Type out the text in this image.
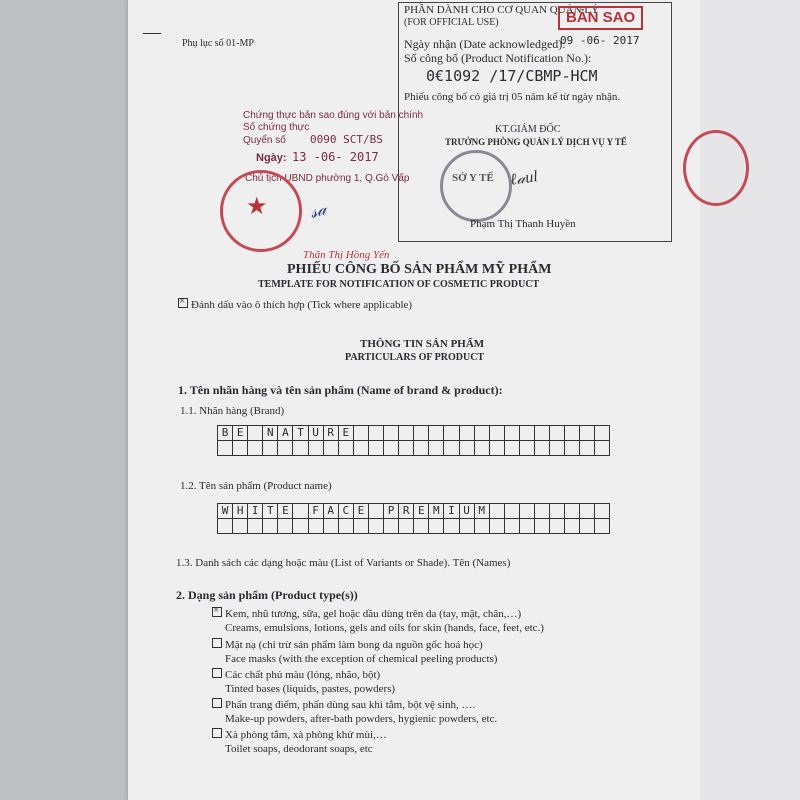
Phụ lục số 01-MP
PHẦN DÀNH CHO CƠ QUAN QUẢN LÝ
(FOR OFFICIAL USE)	BẢN SAO
Ngày nhận (Date acknowledged):
09 -06- 2017
Số công bố (Product Notification No.):
0€1092 /17/CBMP-HCM
Phiếu công bố có giá trị 05 năm kể từ ngày nhận.
KT.GIÁM ĐỐC
TRƯỞNG PHÒNG QUẢN LÝ DỊCH VỤ Y TẾ
SỞ Y TẾ ℓ𝒶ul
Phạm Thị Thanh Huyền
Chứng thực bản sao đúng với bản chính
Số chứng thực
Quyển số 0090 SCT/BS
Ngày: 13 -06- 2017
Chủ tịch UBND phường 1, Q.Gò Vấp
★ 𝓈𝒶
Thân Thị Hồng Yến
PHIẾU CÔNG BỐ SẢN PHẨM MỸ PHẨM
TEMPLATE FOR NOTIFICATION OF COSMETIC PRODUCT
×Đánh dấu vào ô thích hợp (Tick where applicable)
THÔNG TIN SẢN PHẨM
PARTICULARS OF PRODUCT
1. Tên nhãn hàng và tên sản phẩm (Name of brand & product):
1.1. Nhãn hàng (Brand)
B E	N A T U R E
1.2. Tên sản phẩm (Product name)
W H I T E	F A C E	P R E M I U M
1.3. Danh sách các dạng hoặc màu (List of Variants or Shade). Tên (Names)
2. Dạng sản phẩm (Product type(s))
×Kem, nhũ tương, sữa, gel hoặc dầu dùng trên da (tay, mặt, chân,…)
Creams, emulsions, lotions, gels and oils for skin (hands, face, feet, etc.)
Mặt nạ (chỉ trừ sản phẩm làm bong da nguồn gốc hoá học)
Face masks (with the exception of chemical peeling products)
Các chất phủ màu (lỏng, nhão, bột)
Tinted bases (liquids, pastes, powders)
Phấn trang điểm, phấn dùng sau khi tắm, bột vệ sinh, ….
Make-up powders, after-bath powders, hygienic powders, etc.
Xà phòng tắm, xà phòng khử mùi,…
Toilet soaps, deodorant soaps, etc
